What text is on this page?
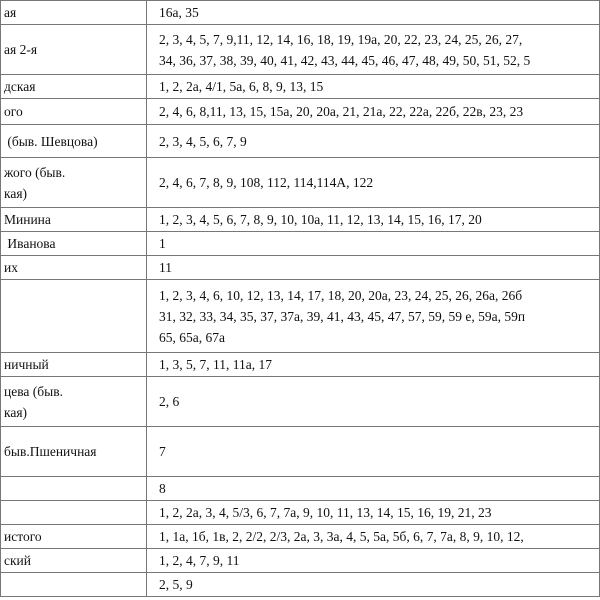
ая	16а, 35
ая 2-я	2, 3, 4, 5, 7, 9,11, 12, 14, 16, 18, 19, 19а, 20, 22, 23, 24, 25, 26, 27,
34, 36, 37, 38, 39, 40, 41, 42, 43, 44, 45, 46, 47, 48, 49, 50, 51, 52, 5
дская	1, 2, 2а, 4/1, 5а, 6, 8, 9, 13, 15
ого	2, 4, 6, 8,11, 13, 15, 15а, 20, 20а, 21, 21а, 22, 22а, 22б, 22в, 23, 23
(быв. Шевцова)	2, 3, 4, 5, 6, 7, 9
жого (быв.
кая)	2, 4, 6, 7, 8, 9, 108, 112, 114,114А, 122
Минина	1, 2, 3, 4, 5, 6, 7, 8, 9, 10, 10а, 11, 12, 13, 14, 15, 16, 17, 20
Иванова	1
их	11
	1, 2, 3, 4, 6, 10, 12, 13, 14, 17, 18, 20, 20а, 23, 24, 25, 26, 26а, 26б
31, 32, 33, 34, 35, 37, 37а, 39, 41, 43, 45, 47, 57, 59, 59 е, 59а, 59п
65, 65а, 67а
ничный	1, 3, 5, 7, 11, 11а, 17
цева (быв.
кая)	2, 6
быв.Пшеничная	7
	8
	1, 2, 2а, 3, 4, 5/3, 6, 7, 7а, 9, 10, 11, 13, 14, 15, 16, 19, 21, 23
истого	1, 1а, 1б, 1в, 2, 2/2, 2/3, 2а, 3, 3а, 4, 5, 5а, 5б, 6, 7, 7а, 8, 9, 10, 12,
ский	1, 2, 4, 7, 9, 11
	2, 5, 9
